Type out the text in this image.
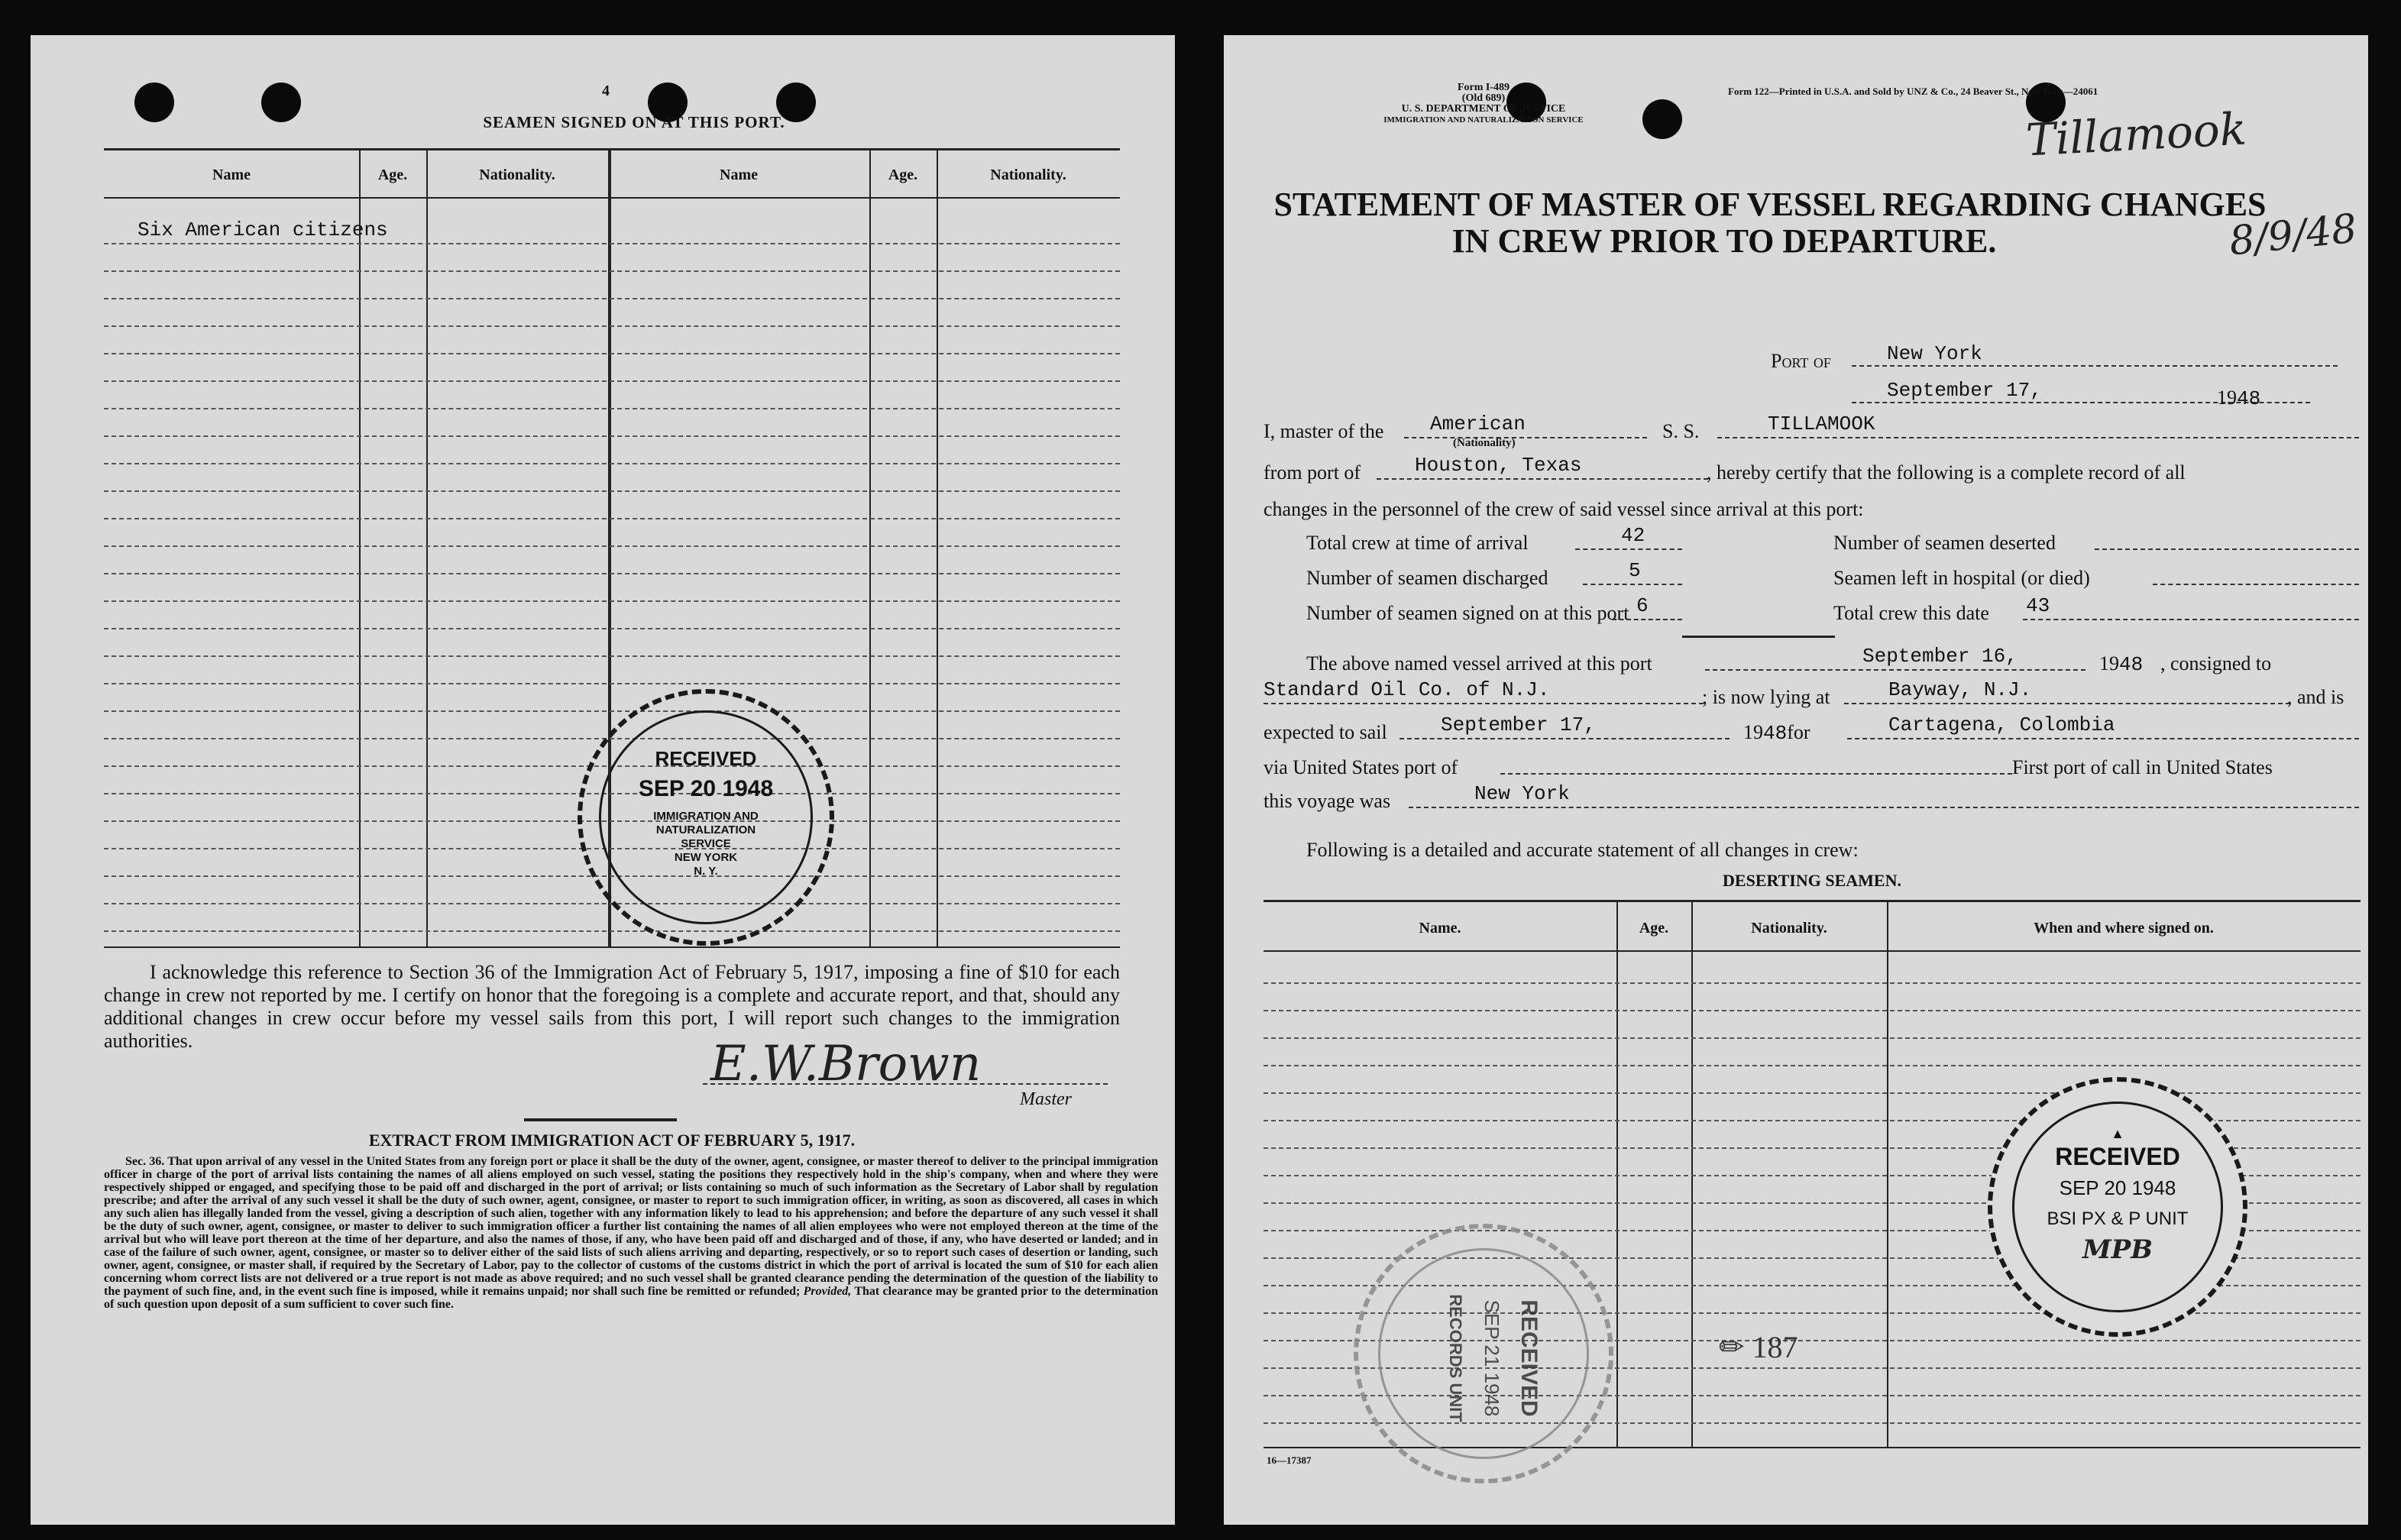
4
SEAMEN SIGNED ON AT THIS PORT.
Name	Age.	Nationality.	Name	Age.	Nationality.
Six American citizens
RECEIVED
SEP 20 1948
IMMIGRATION AND
NATURALIZATION
SERVICE
NEW YORK
N. Y.
I acknowledge this reference to Section 36 of the Immigration Act of February 5, 1917, imposing a fine of $10 for each change in crew not reported by me. I certify on honor that the foregoing is a complete and accurate report, and that, should any additional changes in crew occur before my vessel sails from this port, I will report such changes to the immigration authorities.	E.W.Brown
Master
EXTRACT FROM IMMIGRATION ACT OF FEBRUARY 5, 1917.
Sec. 36. That upon arrival of any vessel in the United States from any foreign port or place it shall be the duty of the owner, agent, consignee, or master thereof to deliver to the principal immigration officer in charge of the port of arrival lists containing the names of all aliens employed on such vessel, stating the positions they respectively hold in the ship's company, when and where they were respectively shipped or engaged, and specifying those to be paid off and discharged in the port of arrival; or lists containing so much of such information as the Secretary of Labor shall by regulation prescribe; and after the arrival of any such vessel it shall be the duty of such owner, agent, consignee, or master to report to such immigration officer, in writing, as soon as discovered, all cases in which any such alien has illegally landed from the vessel, giving a description of such alien, together with any information likely to lead to his apprehension; and before the departure of any such vessel it shall be the duty of such owner, agent, consignee, or master to deliver to such immigration officer a further list containing the names of all alien employees who were not employed thereon at the time of the arrival but who will leave port thereon at the time of her departure, and also the names of those, if any, who have been paid off and discharged and of those, if any, who have deserted or landed; and in case of the failure of such owner, agent, consignee, or master so to deliver either of the said lists of such aliens arriving and departing, respectively, or so to report such cases of desertion or landing, such owner, agent, consignee, or master shall, if required by the Secretary of Labor, pay to the collector of customs of the customs district in which the port of arrival is located the sum of $10 for each alien concerning whom correct lists are not delivered or a true report is not made as above required; and no such vessel shall be granted clearance pending the determination of the question of the liability to the payment of such fine, and, in the event such fine is imposed, while it remains unpaid; nor shall such fine be remitted or refunded; Provided, That clearance may be granted prior to the determination of such question upon deposit of a sum sufficient to cover such fine.
Form I-489
(Old 689)
U. S. DEPARTMENT OF JUSTICE
IMMIGRATION AND NATURALIZATION SERVICE
Form 122—Printed in U.S.A. and Sold by UNZ & Co., 24 Beaver St., New York—24061
Tillamook
8/9/48
STATEMENT OF MASTER OF VESSEL REGARDING CHANGES
IN CREW PRIOR TO DEPARTURE.
Port of	New York
September 17,	1948
I, master of the American
(Nationality)
S. S.	TILLAMOOK
from port of	Houston, Texas	, hereby certify that the following is a complete record of all
changes in the personnel of the crew of said vessel since arrival at this port:
Total crew at time of arrival	42	Number of seamen deserted
Number of seamen discharged	5	Seamen left in hospital (or died)
Number of seamen signed on at this port 6	Total crew this date 43
The above named vessel arrived at this port	September 16,	1948 , consigned to
Standard Oil Co. of N.J.	; is now lying at	Bayway, N.J.	, and is
expected to sail	September 17,	1948for	Cartagena, Colombia
via United States port of	First port of call in United States
this voyage was	New York
Following is a detailed and accurate statement of all changes in crew:
DESERTING SEAMEN.
Name.	Age.	Nationality.	When and where signed on.
▲
RECEIVED
SEP 20 1948
BSI PX & P UNIT
MPB
RECEIVED
SEP 21 1948
RECORDS UNIT	✏ 187
16—17387
